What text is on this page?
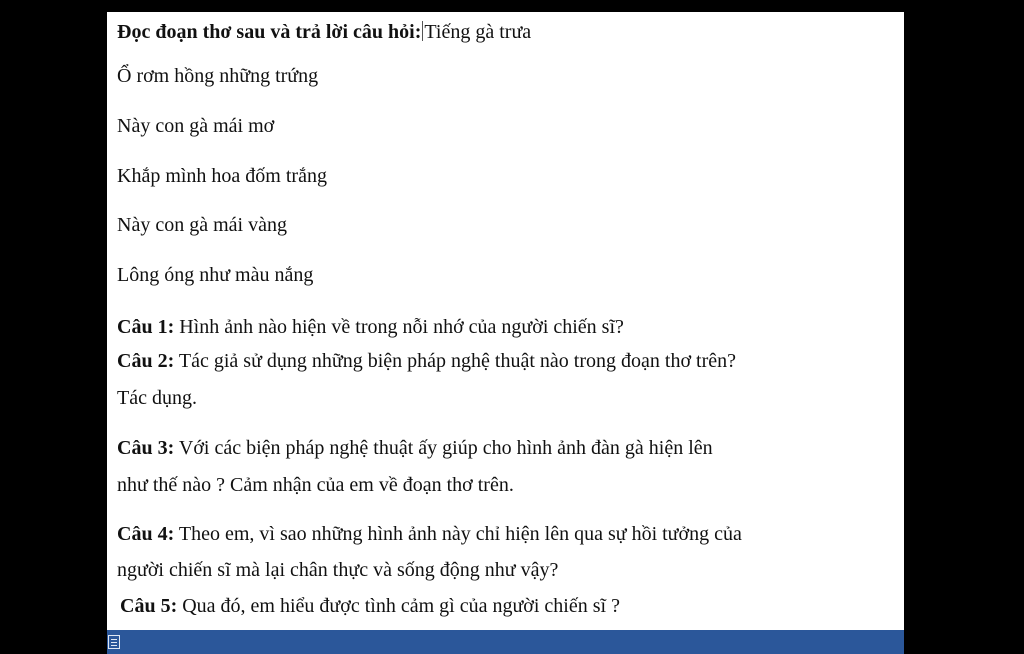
Đọc đoạn thơ sau và trả lời câu hỏi: Tiếng gà trưa
Ổ rơm hồng những trứng
Này con gà mái mơ
Khắp mình hoa đốm trắng
Này con gà mái vàng
Lông óng như màu nắng
Câu 1: Hình ảnh nào hiện về trong nỗi nhớ của người chiến sĩ?
Câu 2: Tác giả sử dụng những biện pháp nghệ thuật nào trong đoạn thơ trên?
Tác dụng.
Câu 3: Với các biện pháp nghệ thuật ấy giúp cho hình ảnh đàn gà hiện lên
như thế nào ? Cảm nhận của em về đoạn thơ trên.
Câu 4: Theo em, vì sao những hình ảnh này chỉ hiện lên qua sự hồi tưởng của
người chiến sĩ mà lại chân thực và sống động như vậy?
Câu 5: Qua đó, em hiểu được tình cảm gì của người chiến sĩ ?
